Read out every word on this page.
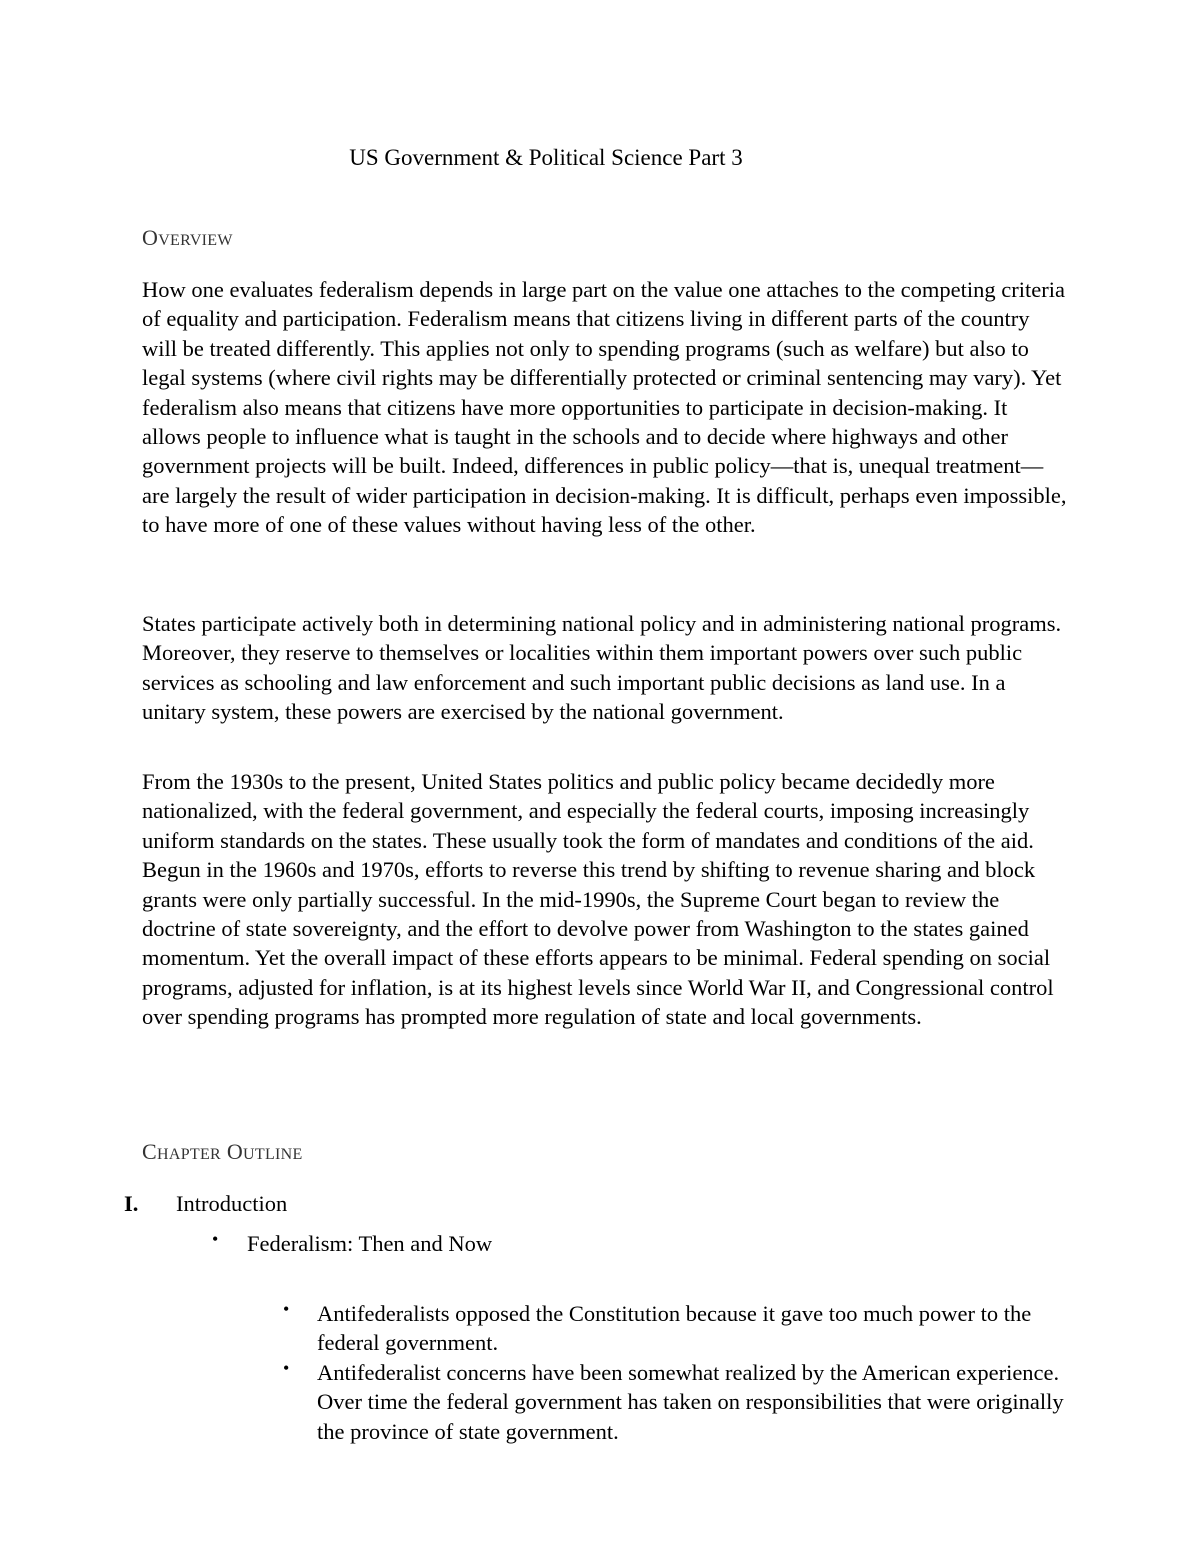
US Government & Political Science Part 3
OVERVIEW

How one evaluates federalism depends in large part on the value one attaches to the competing criteria of equality and participation. Federalism means that citizens living in different parts of the country will be treated differently. This applies not only to spending programs (such as welfare) but also to legal systems (where civil rights may be differentially protected or criminal sentencing may vary). Yet federalism also means that citizens have more opportunities to participate in decision-making. It allows people to influence what is taught in the schools and to decide where highways and other government projects will be built. Indeed, differences in public policy—that is, unequal treatment—are largely the result of wider participation in decision-making. It is difficult, perhaps even impossible, to have more of one of these values without having less of the other.

States participate actively both in determining national policy and in administering national programs. Moreover, they reserve to themselves or localities within them important powers over such public services as schooling and law enforcement and such important public decisions as land use. In a unitary system, these powers are exercised by the national government.

From the 1930s to the present, United States politics and public policy became decidedly more nationalized, with the federal government, and especially the federal courts, imposing increasingly uniform standards on the states. These usually took the form of mandates and conditions of the aid. Begun in the 1960s and 1970s, efforts to reverse this trend by shifting to revenue sharing and block grants were only partially successful. In the mid-1990s, the Supreme Court began to review the doctrine of state sovereignty, and the effort to devolve power from Washington to the states gained momentum. Yet the overall impact of these efforts appears to be minimal. Federal spending on social programs, adjusted for inflation, is at its highest levels since World War II, and Congressional control over spending programs has prompted more regulation of state and local governments.

CHAPTER OUTLINE
I. Introduction
• Federalism: Then and Now
• Antifederalists opposed the Constitution because it gave too much power to the federal government.
• Antifederalist concerns have been somewhat realized by the American experience. Over time the federal government has taken on responsibilities that were originally the province of state government.
